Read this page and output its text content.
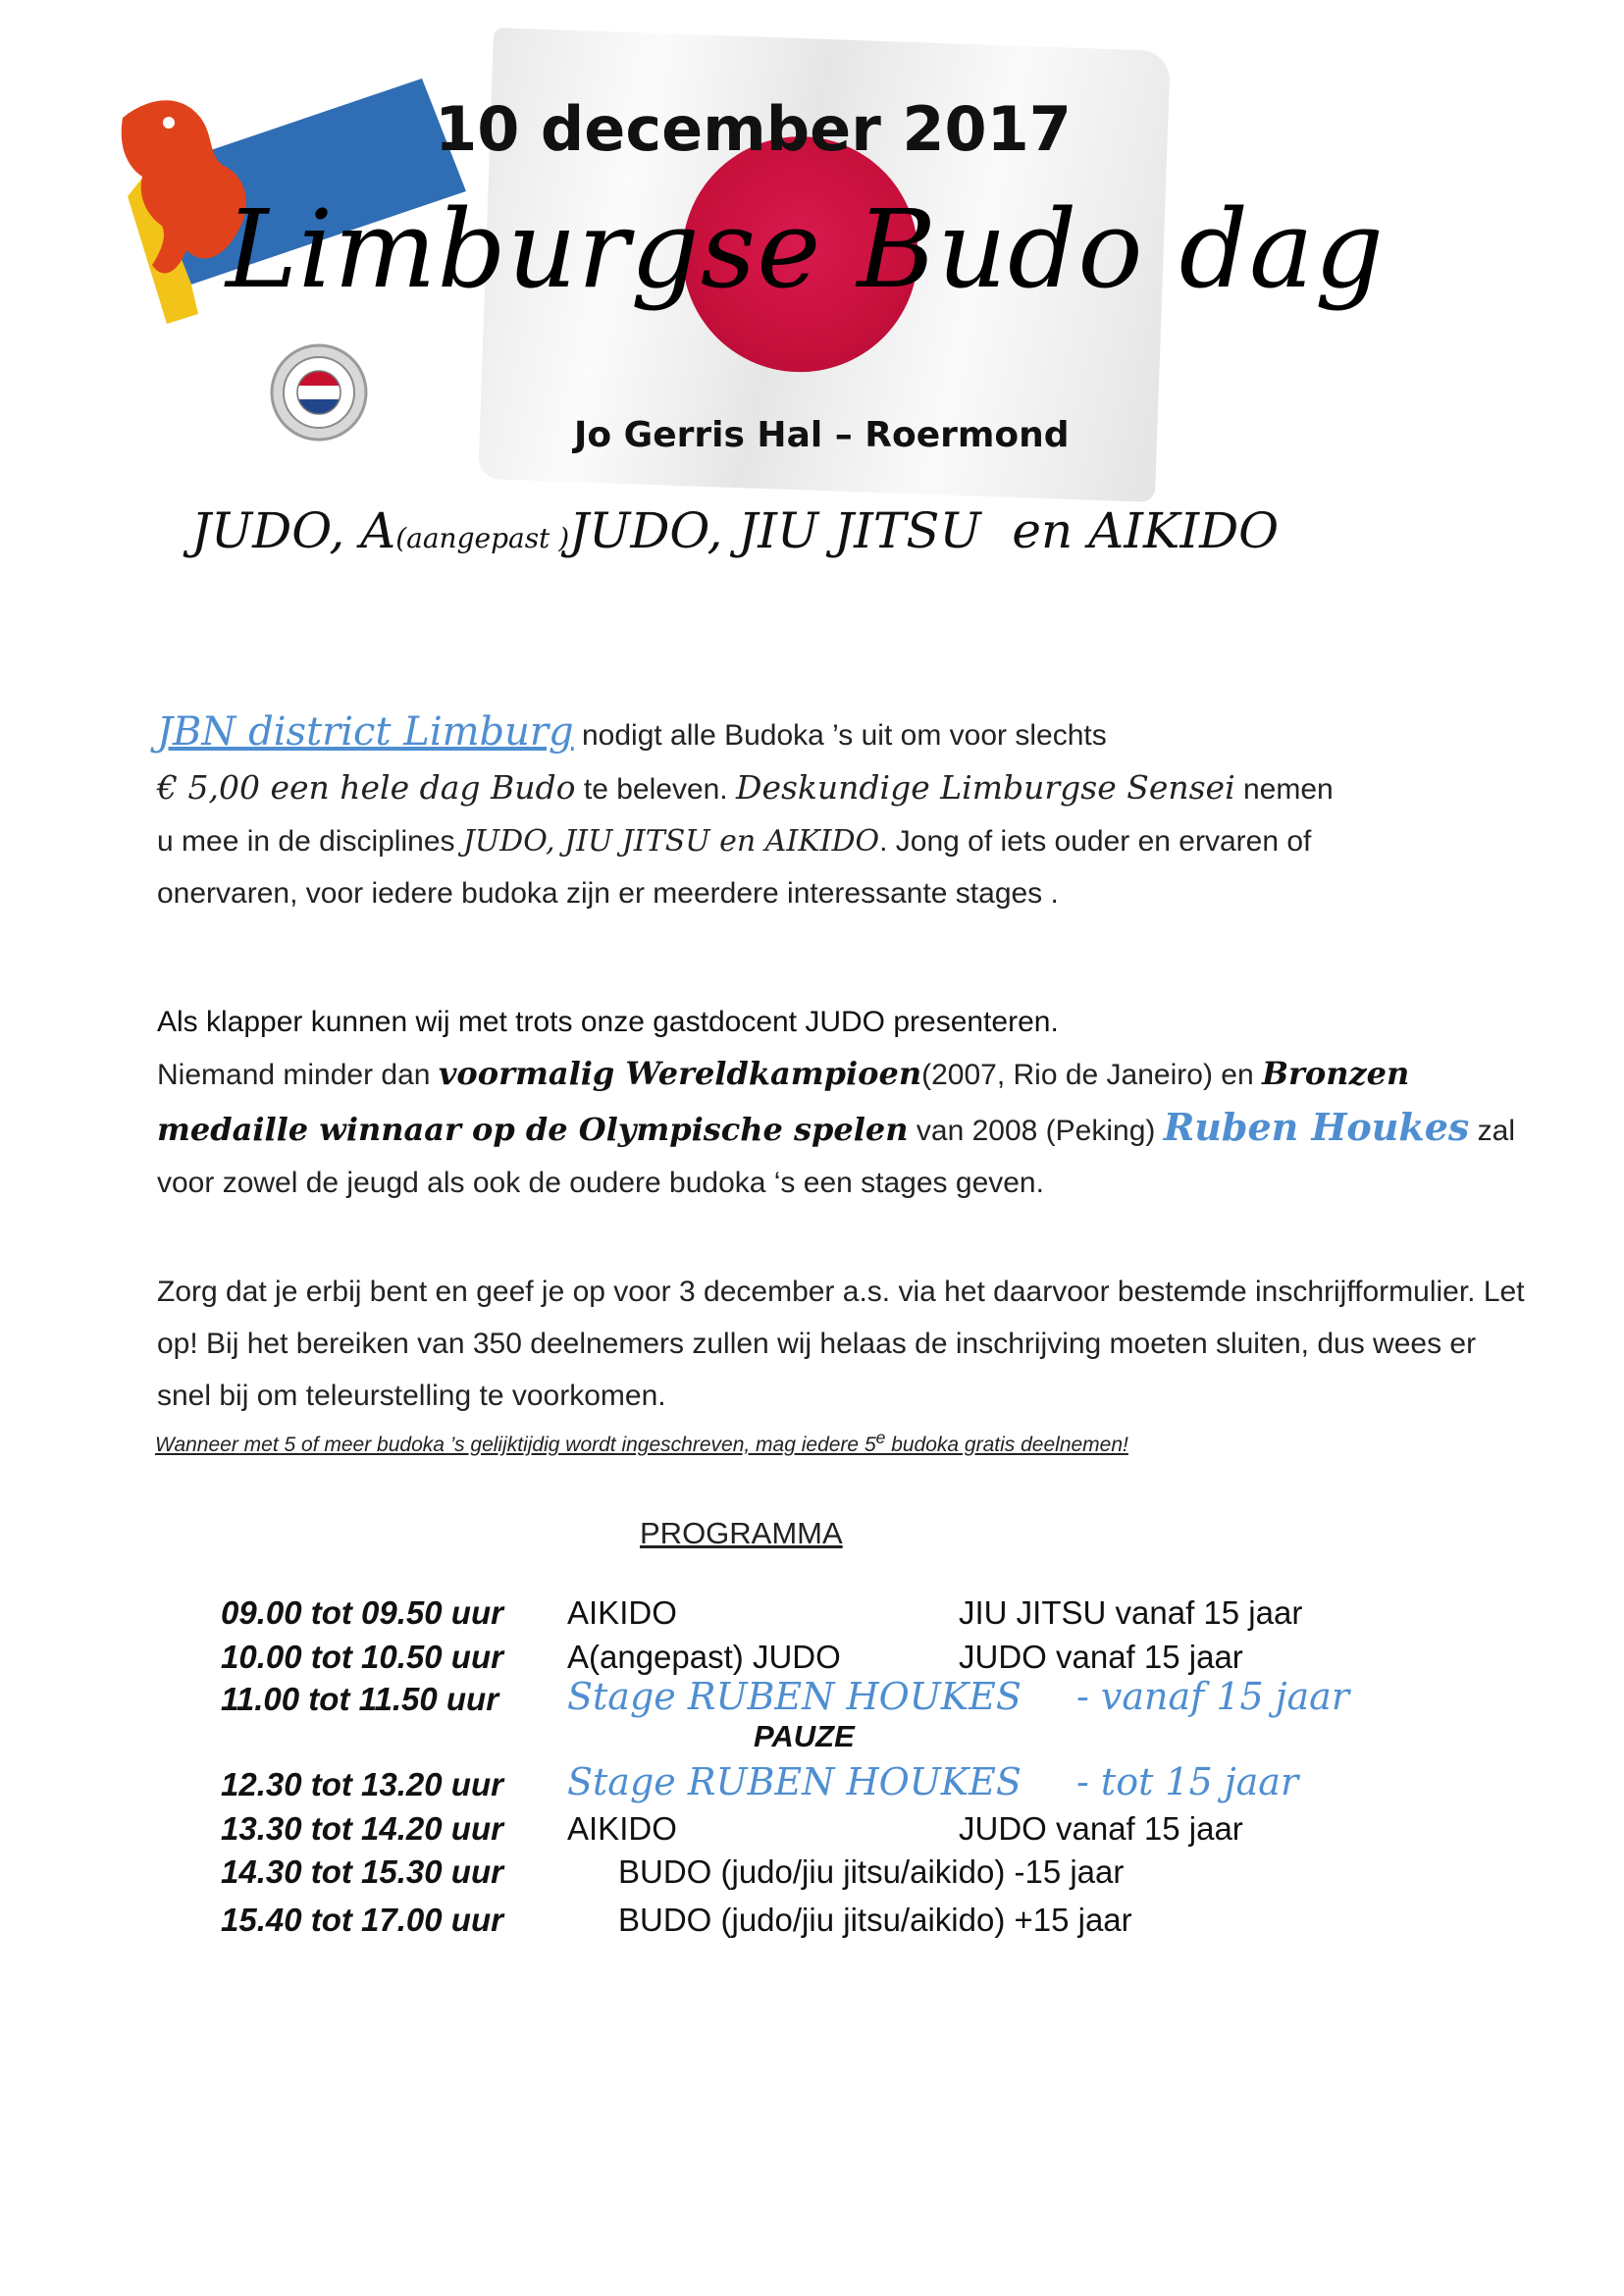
10 december 2017
Limburgse Budo dag
Jo Gerris Hal – Roermond
JUDO, A(aangepast )JUDO, JIU JITSU en AIKIDO
JBN district Limburg nodigt alle Budoka ’s uit om voor slechts
€ 5,00 een hele dag Budo te beleven. Deskundige Limburgse Sensei nemen
u mee in de disciplines JUDO, JIU JITSU en AIKIDO. Jong of iets ouder en ervaren of
onervaren, voor iedere budoka zijn er meerdere interessante stages .
Als klapper kunnen wij met trots onze gastdocent JUDO presenteren.
Niemand minder dan voormalig Wereldkampioen(2007, Rio de Janeiro) en Bronzen medaille winnaar op de Olympische spelen van 2008 (Peking) Ruben Houkes zal voor zowel de jeugd als ook de oudere budoka ‘s een stages geven.
Zorg dat je erbij bent en geef je op voor 3 december a.s. via het daarvoor bestemde inschrijfformulier. Let op! Bij het bereiken van 350 deelnemers zullen wij helaas de inschrijving moeten sluiten, dus wees er snel bij om teleurstelling te voorkomen.
Wanneer met 5 of meer budoka ’s gelijktijdig wordt ingeschreven, mag iedere 5e budoka gratis deelnemen!
PROGRAMMA
09.00 tot 09.50 uur AIKIDO	JIU JITSU vanaf 15 jaar
10.00 tot 10.50 uur A(angepast) JUDO	JUDO vanaf 15 jaar
11.00 tot 11.50 uur Stage RUBEN HOUKES - vanaf 15 jaar
PAUZE
12.30 tot 13.20 uur Stage RUBEN HOUKES - tot 15 jaar
13.30 tot 14.20 uur AIKIDO	JUDO vanaf 15 jaar
14.30 tot 15.30 uur	BUDO (judo/jiu jitsu/aikido) -15 jaar
15.40 tot 17.00 uur	BUDO (judo/jiu jitsu/aikido) +15 jaar
